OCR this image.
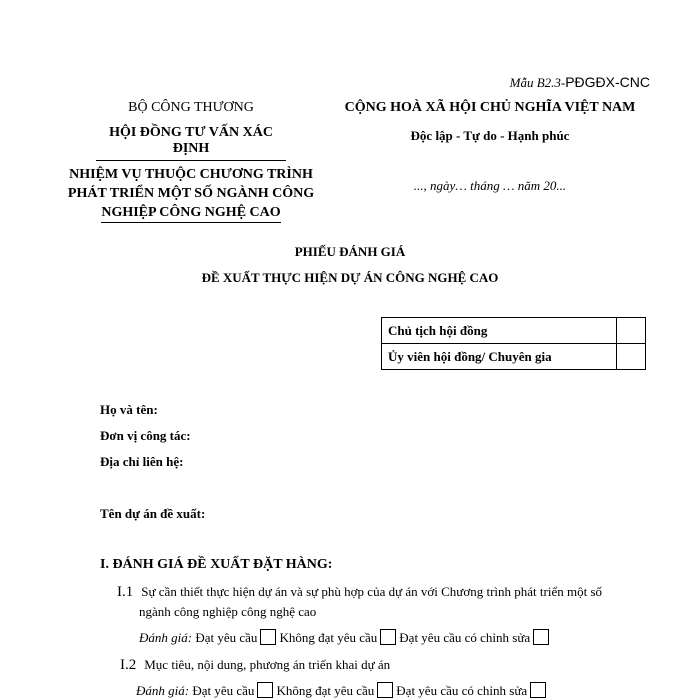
Mẫu B2.3-PĐGĐX-CNC
BỘ CÔNG THƯƠNG
HỘI ĐỒNG TƯ VẤN XÁC ĐỊNH
NHIỆM VỤ THUỘC CHƯƠNG TRÌNH
PHÁT TRIỂN MỘT SỐ NGÀNH CÔNG
NGHIỆP CÔNG NGHỆ CAO
CỘNG HOÀ XÃ HỘI CHỦ NGHĨA VIỆT NAM
Độc lập - Tự do - Hạnh phúc
..., ngày… tháng … năm 20...
PHIẾU ĐÁNH GIÁ
ĐỀ XUẤT THỰC HIỆN DỰ ÁN CÔNG NGHỆ CAO
Chủ tịch hội đồng	
Ủy viên hội đồng/ Chuyên gia	
Họ và tên:
Đơn vị công tác:
Địa chỉ liên hệ:
Tên dự án đề xuất:
I. ĐÁNH GIÁ ĐỀ XUẤT ĐẶT HÀNG:
I.1 Sự cần thiết thực hiện dự án và sự phù hợp của dự án với Chương trình phát triển một số
ngành công nghiệp công nghệ cao
Đánh giá: Đạt yêu cầu Không đạt yêu cầu Đạt yêu cầu có chỉnh sửa
I.2 Mục tiêu, nội dung, phương án triển khai dự án
Đánh giá: Đạt yêu cầu Không đạt yêu cầu Đạt yêu cầu có chỉnh sửa
